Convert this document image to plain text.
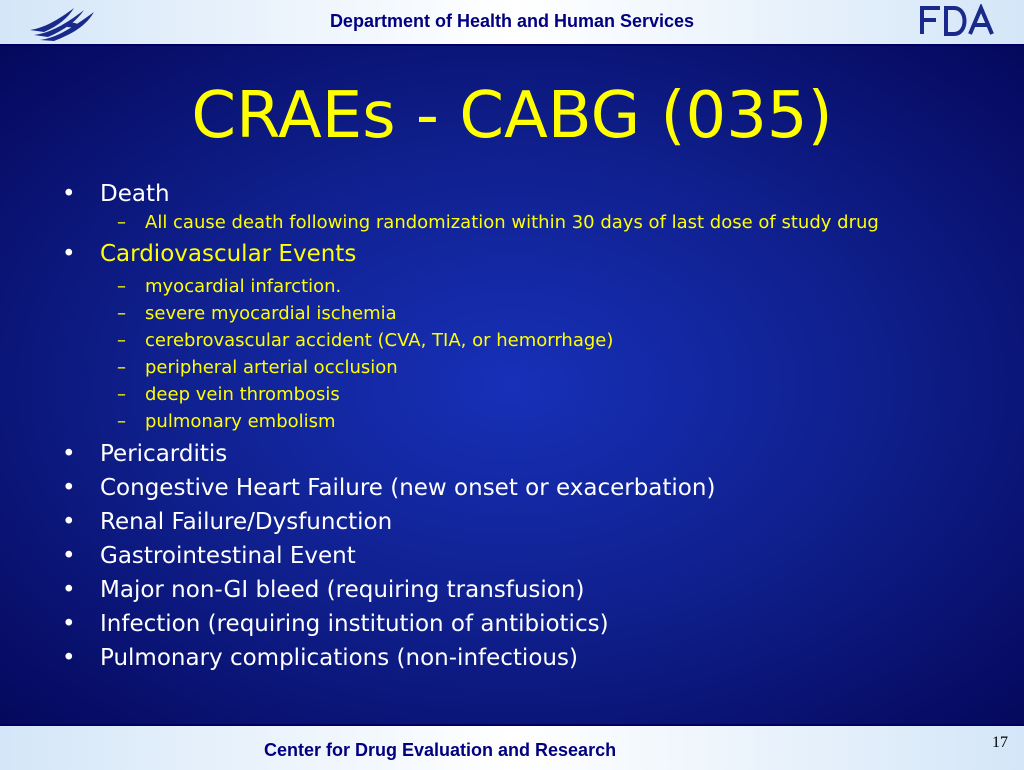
Department of Health and Human Services
CRAEs - CABG (035)
• Death
– All cause death following randomization within 30 days of last dose of study drug
• Cardiovascular Events
– myocardial infarction.
– severe myocardial ischemia
– cerebrovascular accident (CVA, TIA, or hemorrhage)
– peripheral arterial occlusion
– deep vein thrombosis
– pulmonary embolism
• Pericarditis
• Congestive Heart Failure (new onset or exacerbation)
• Renal Failure/Dysfunction
• Gastrointestinal Event
• Major non-GI bleed (requiring transfusion)
• Infection (requiring institution of antibiotics)
• Pulmonary complications (non-infectious)
Center for Drug Evaluation and Research	17
